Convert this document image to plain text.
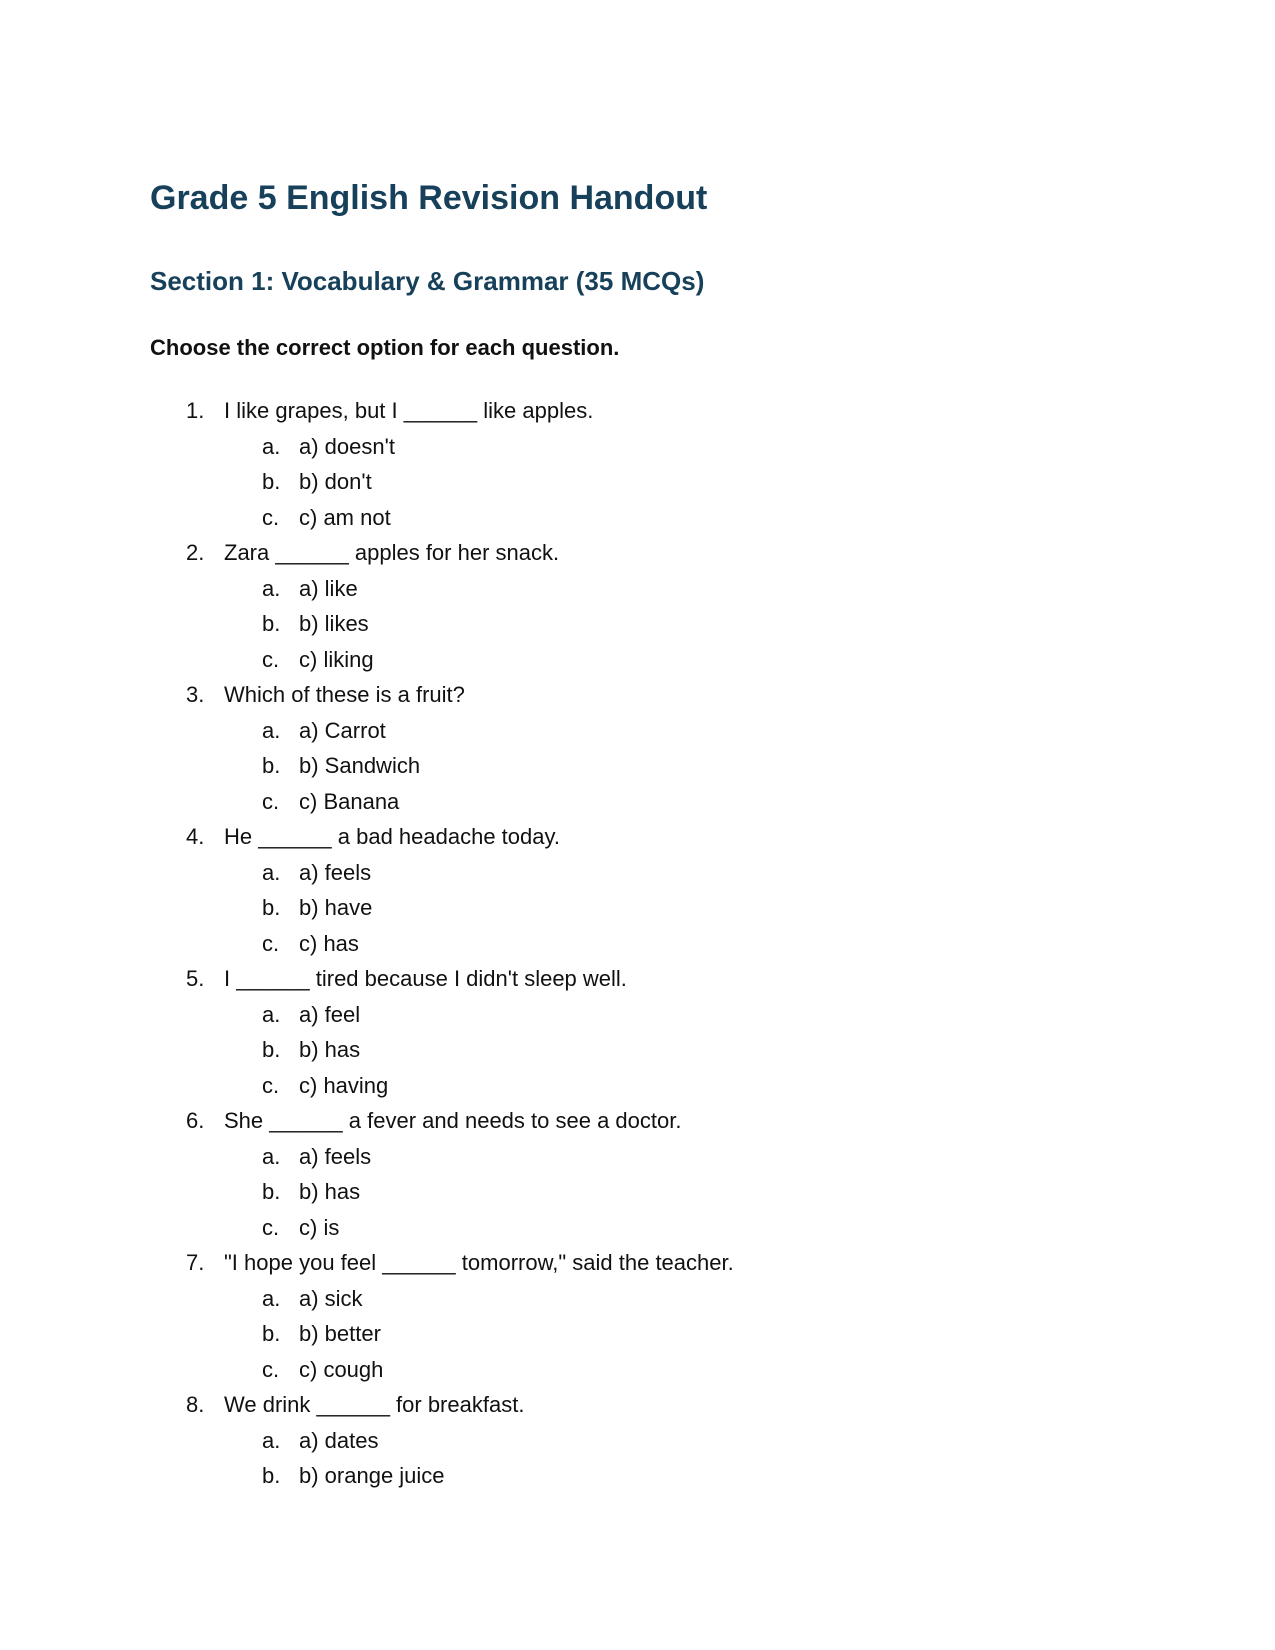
Grade 5 English Revision Handout
Section 1: Vocabulary & Grammar (35 MCQs)

Choose the correct option for each question.

1. I like grapes, but I ______ like apples.
a. a) doesn't
b. b) don't
c. c) am not
2. Zara ______ apples for her snack.
a. a) like
b. b) likes
c. c) liking
3. Which of these is a fruit?
a. a) Carrot
b. b) Sandwich
c. c) Banana
4. He ______ a bad headache today.
a. a) feels
b. b) have
c. c) has
5. I ______ tired because I didn't sleep well.
a. a) feel
b. b) has
c. c) having
6. She ______ a fever and needs to see a doctor.
a. a) feels
b. b) has
c. c) is
7. "I hope you feel ______ tomorrow," said the teacher.
a. a) sick
b. b) better
c. c) cough
8. We drink ______ for breakfast.
a. a) dates
b. b) orange juice
